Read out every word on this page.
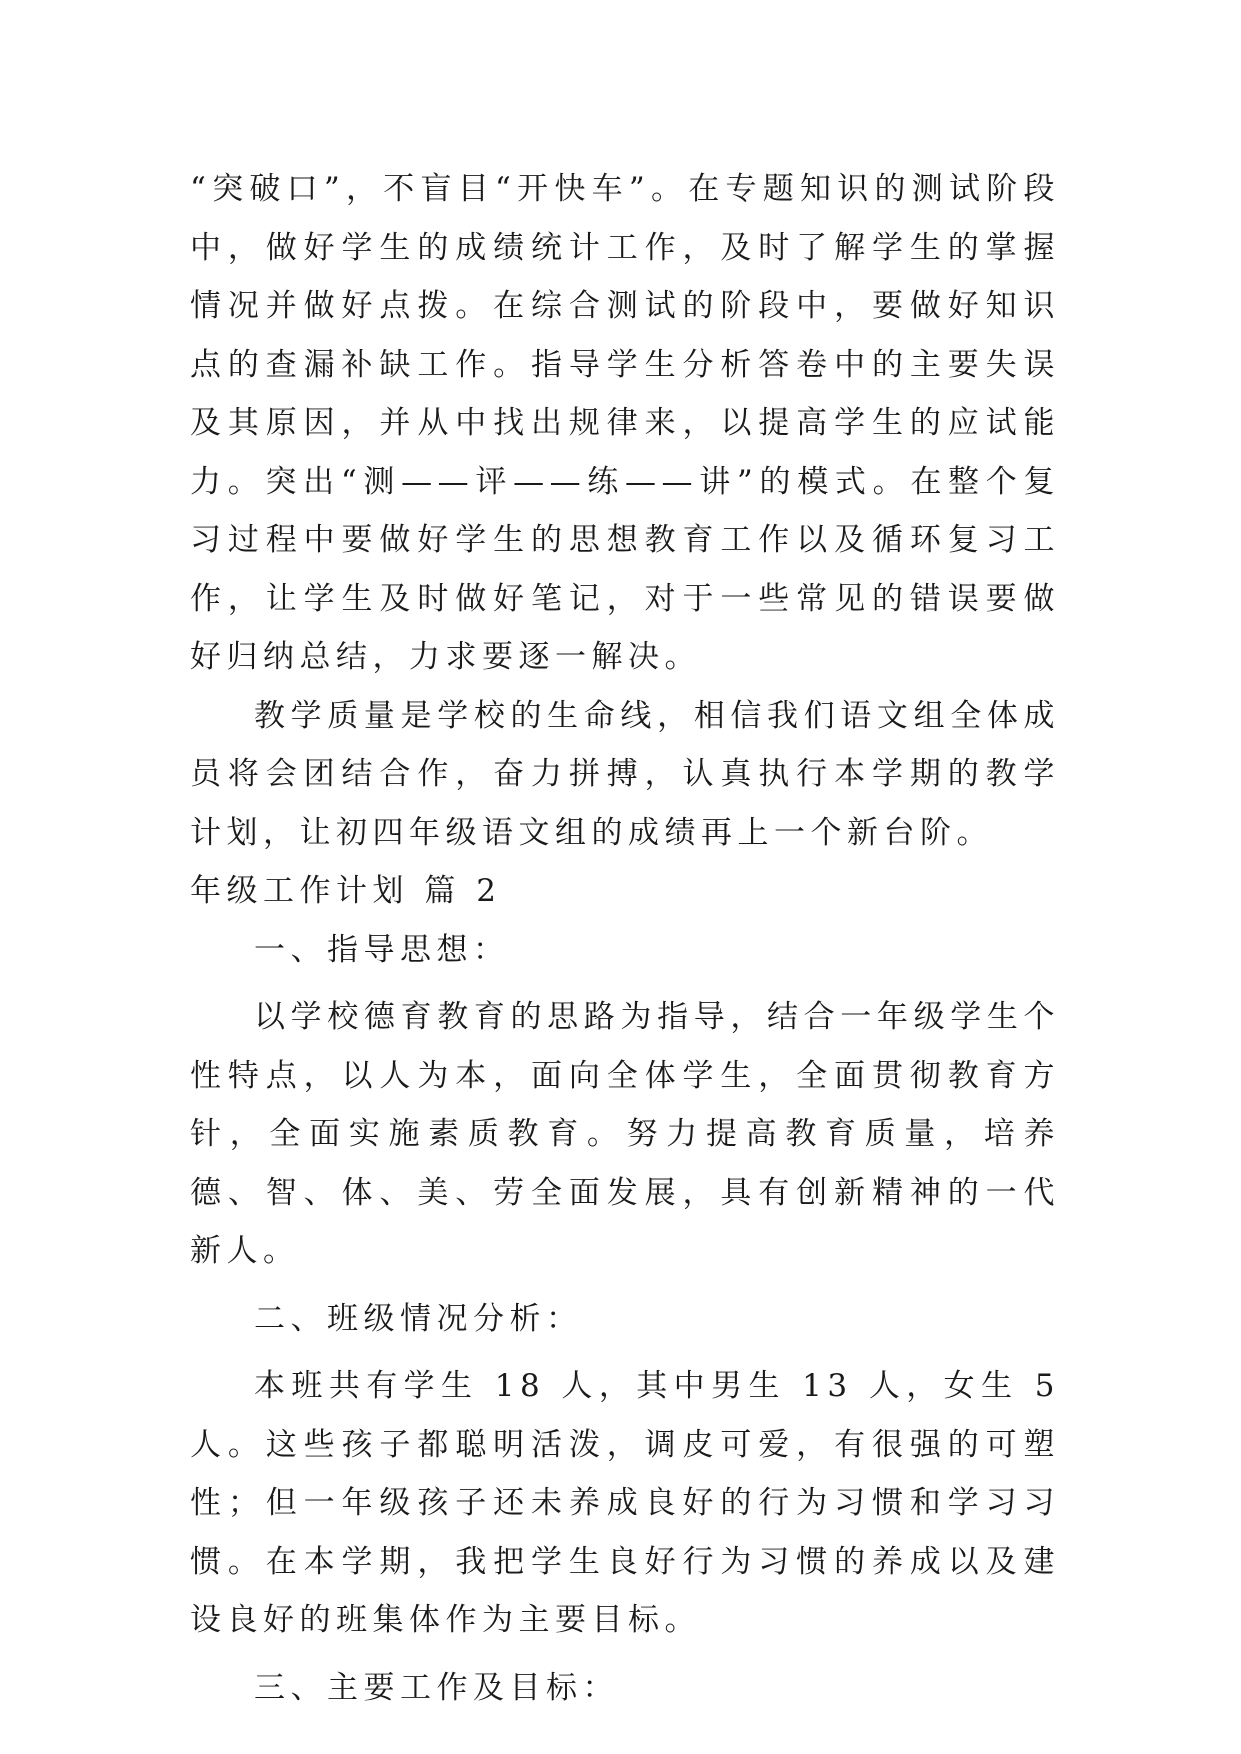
“突破口”，不盲目“开快车”。在专题知识的测试阶段中，做好学生的成绩统计工作，及时了解学生的掌握情况并做好点拨。在综合测试的阶段中，要做好知识点的查漏补缺工作。指导学生分析答卷中的主要失误及其原因，并从中找出规律来，以提高学生的应试能力。突出“测——评——练——讲”的模式。在整个复习过程中要做好学生的思想教育工作以及循环复习工作，让学生及时做好笔记，对于一些常见的错误要做好归纳总结，力求要逐一解决。

教学质量是学校的生命线，相信我们语文组全体成员将会团结合作，奋力拼搏，认真执行本学期的教学计划，让初四年级语文组的成绩再上一个新台阶。

年级工作计划 篇 2

一、指导思想：

以学校德育教育的思路为指导，结合一年级学生个性特点，以人为本，面向全体学生，全面贯彻教育方针，全面实施素质教育。努力提高教育质量，培养德、智、体、美、劳全面发展，具有创新精神的一代新人。

二、班级情况分析：

本班共有学生 18 人，其中男生 13 人，女生 5 人。这些孩子都聪明活泼，调皮可爱，有很强的可塑性；但一年级孩子还未养成良好的行为习惯和学习习惯。在本学期，我把学生良好行为习惯的养成以及建设良好的班集体作为主要目标。

三、主要工作及目标：
